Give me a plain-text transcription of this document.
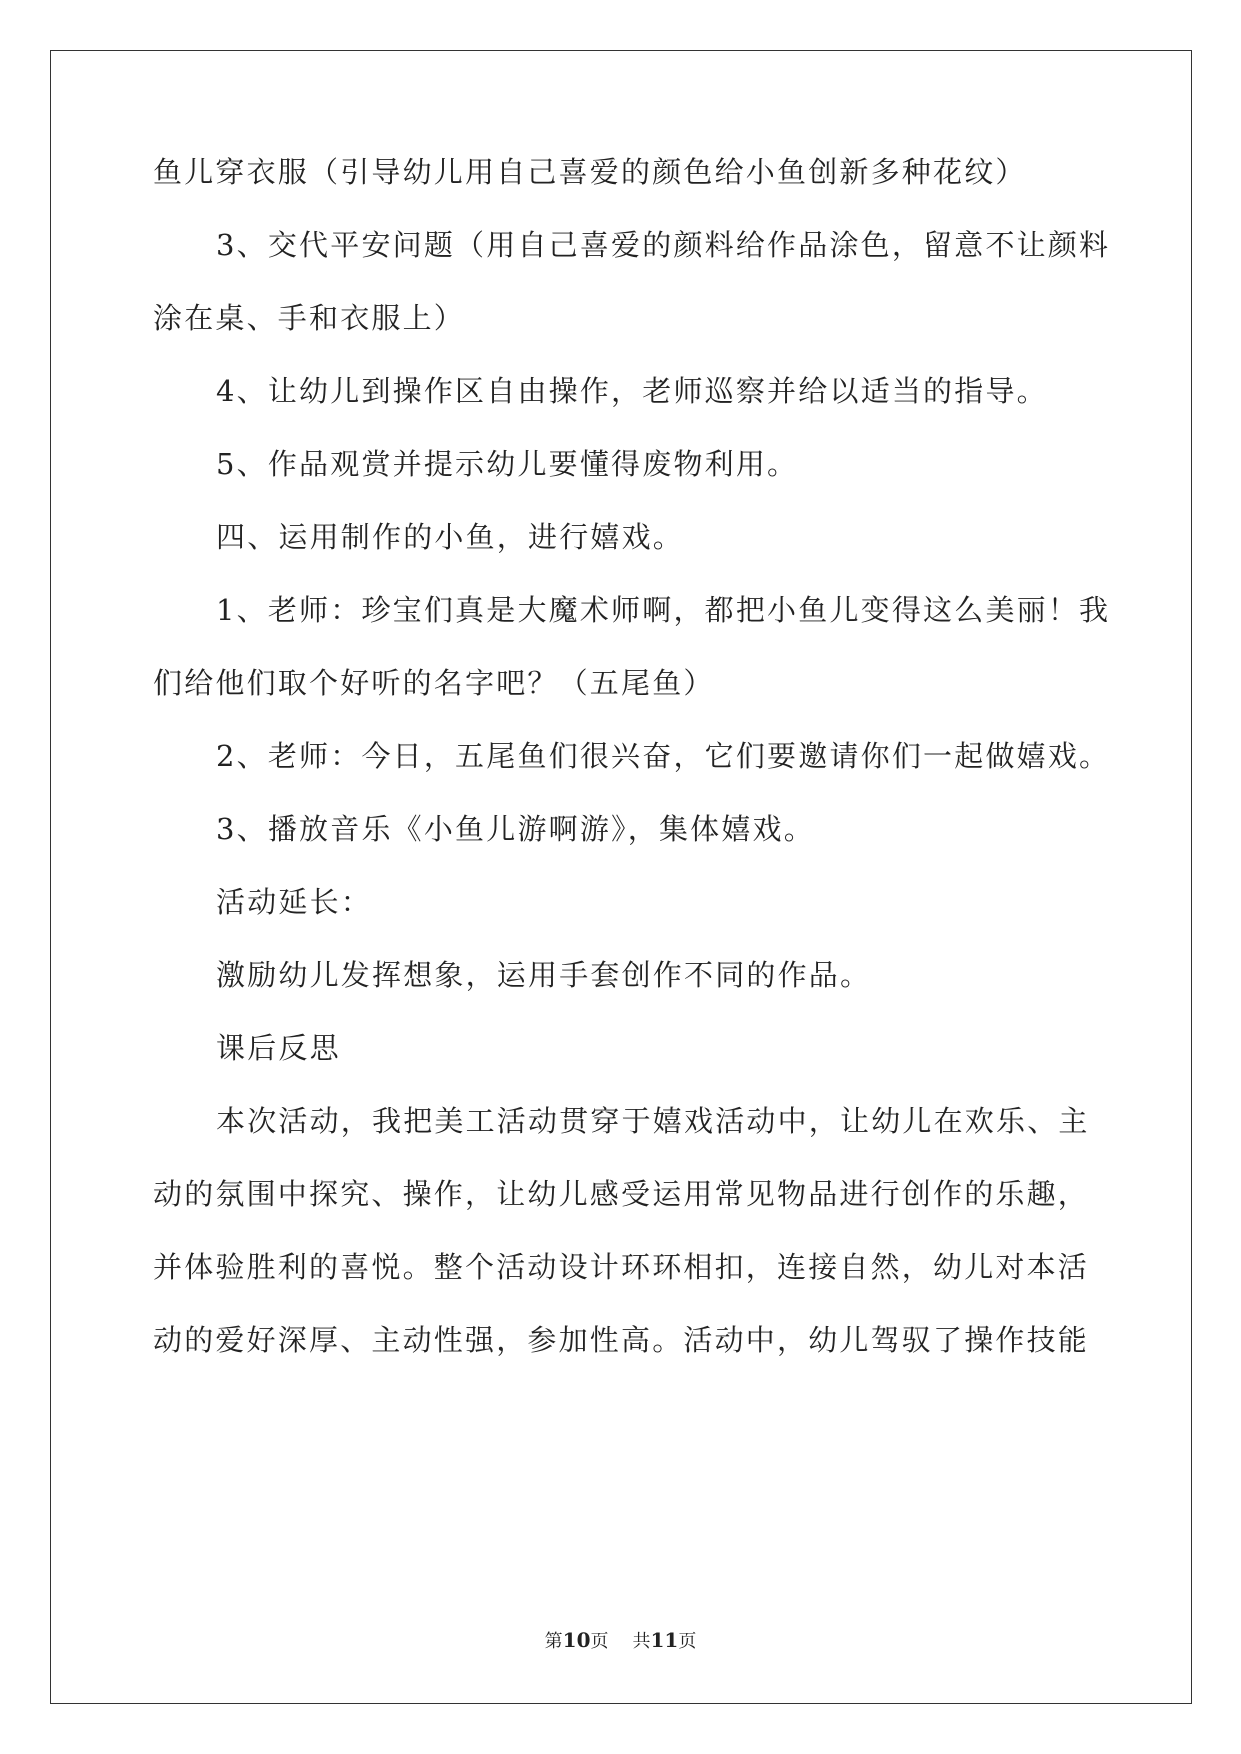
鱼儿穿衣服（引导幼儿用自己喜爱的颜色给小鱼创新多种花纹）
3、交代平安问题（用自己喜爱的颜料给作品涂色，留意不让颜料
涂在桌、手和衣服上）
4、让幼儿到操作区自由操作，老师巡察并给以适当的指导。
5、作品观赏并提示幼儿要懂得废物利用。
四、运用制作的小鱼，进行嬉戏。
1、老师：珍宝们真是大魔术师啊，都把小鱼儿变得这么美丽！我
们给他们取个好听的名字吧？（五尾鱼）
2、老师：今日，五尾鱼们很兴奋，它们要邀请你们一起做嬉戏。
3、播放音乐《小鱼儿游啊游》，集体嬉戏。
活动延长：
激励幼儿发挥想象，运用手套创作不同的作品。
课后反思
本次活动，我把美工活动贯穿于嬉戏活动中，让幼儿在欢乐、主
动的氛围中探究、操作，让幼儿感受运用常见物品进行创作的乐趣，
并体验胜利的喜悦。整个活动设计环环相扣，连接自然，幼儿对本活
动的爱好深厚、主动性强，参加性高。活动中，幼儿驾驭了操作技能
第10页 共11页
